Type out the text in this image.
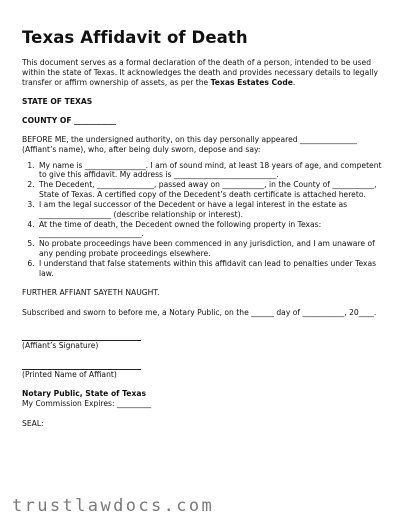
Texas Affidavit of Death

This document serves as a formal declaration of the death of a person, intended to be used within the state of Texas. It acknowledges the death and provides necessary details to legally transfer or affirm ownership of assets, as per the Texas Estates Code.

STATE OF TEXAS

COUNTY OF ___________

BEFORE ME, the undersigned authority, on this day personally appeared _______________ (Affiant’s name), who, after being duly sworn, depose and say:

1. My name is ________________. I am of sound mind, at least 18 years of age, and competent to give this affidavit. My address is ___________________________.
2. The Decedent, _______________, passed away on ___________, in the County of ___________, State of Texas. A certified copy of the Decedent’s death certificate is attached hereto.
3. I am the legal successor of the Decedent or have a legal interest in the estate as ___________________ (describe relationship or interest).
4. At the time of death, the Decedent owned the following property in Texas: ___________________________.
5. No probate proceedings have been commenced in any jurisdiction, and I am unaware of any pending probate proceedings elsewhere.
6. I understand that false statements within this affidavit can lead to penalties under Texas law.

FURTHER AFFIANT SAYETH NAUGHT.

Subscribed and sworn to before me, a Notary Public, on the ______ day of ___________, 20____.

(Affiant’s Signature)

(Printed Name of Affiant)

Notary Public, State of Texas

My Commission Expires: _________

SEAL:

trustlawdocs.com
